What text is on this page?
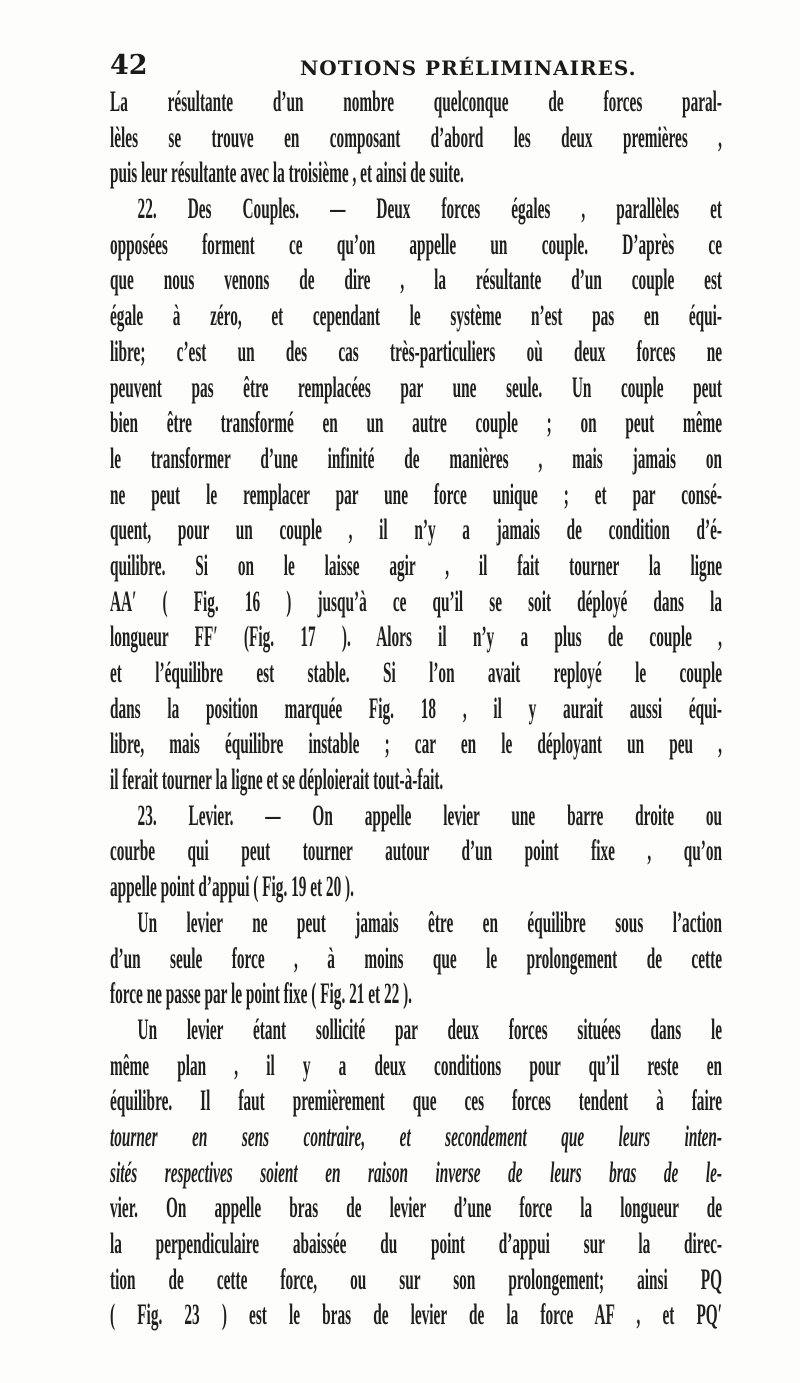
42	NOTIONS PRÉLIMINAIRES.
La résultante d’un nombre quelconque de forces paral-
lèles se trouve en composant d’abord les deux premières ,
puis leur résultante avec la troisième , et ainsi de suite.
22. Des Couples. — Deux forces égales , parallèles et
opposées forment ce qu’on appelle un couple. D’après ce
que nous venons de dire , la résultante d’un couple est
égale à zéro, et cependant le système n’est pas en équi-
libre; c’est un des cas très-particuliers où deux forces ne
peuvent pas être remplacées par une seule. Un couple peut
bien être transformé en un autre couple ; on peut même
le transformer d’une infinité de manières , mais jamais on
ne peut le remplacer par une force unique ; et par consé-
quent, pour un couple , il n’y a jamais de condition d’é-
quilibre. Si on le laisse agir , il fait tourner la ligne
AA′ ( Fig. 16 ) jusqu’à ce qu’il se soit déployé dans la
longueur FF′ (Fig. 17 ). Alors il n’y a plus de couple ,
et l’équilibre est stable. Si l’on avait reployé le couple
dans la position marquée Fig. 18 , il y aurait aussi équi-
libre, mais équilibre instable ; car en le déployant un peu ,
il ferait tourner la ligne et se déploierait tout-à-fait.
23. Levier. — On appelle levier une barre droite ou
courbe qui peut tourner autour d’un point fixe , qu’on
appelle point d’appui ( Fig. 19 et 20 ).
Un levier ne peut jamais être en équilibre sous l’action
d’un seule force , à moins que le prolongement de cette
force ne passe par le point fixe ( Fig. 21 et 22 ).
Un levier étant sollicité par deux forces situées dans le
même plan , il y a deux conditions pour qu’il reste en
équilibre. Il faut premièrement que ces forces tendent à faire
tourner en sens contraire, et secondement que leurs inten-
sités respectives soient en raison inverse de leurs bras de le-
vier. On appelle bras de levier d’une force la longueur de
la perpendiculaire abaissée du point d’appui sur la direc-
tion de cette force, ou sur son prolongement; ainsi PQ
( Fig. 23 ) est le bras de levier de la force AF , et PQ′
